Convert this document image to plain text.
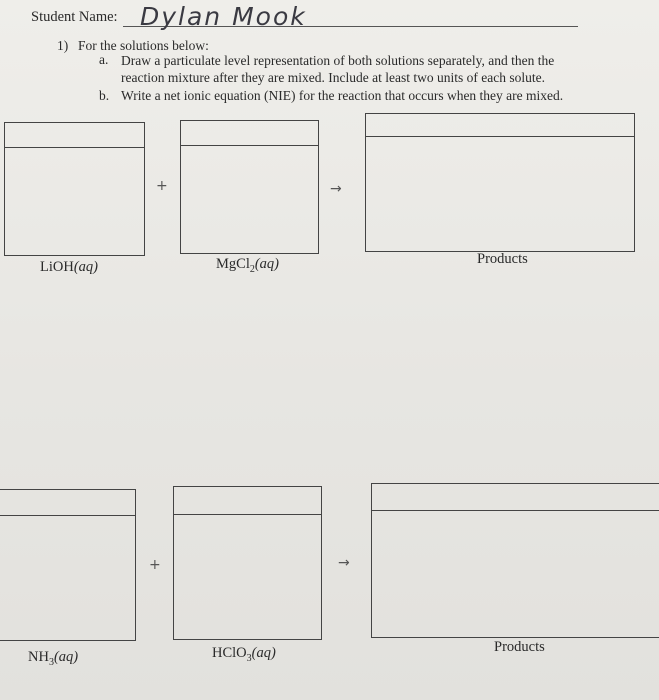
Student Name: Dylan Mook
1) For the solutions below:
a. Draw a particulate level representation of both solutions separately, and then the
reaction mixture after they are mixed. Include at least two units of each solute.
b. Write a net ionic equation (NIE) for the reaction that occurs when they are mixed.
+	→
LiOH(aq)	MgCl$_2$(aq)	Products
+	→
$NH_3(aq)$	HClO$_3$(aq)	Products
